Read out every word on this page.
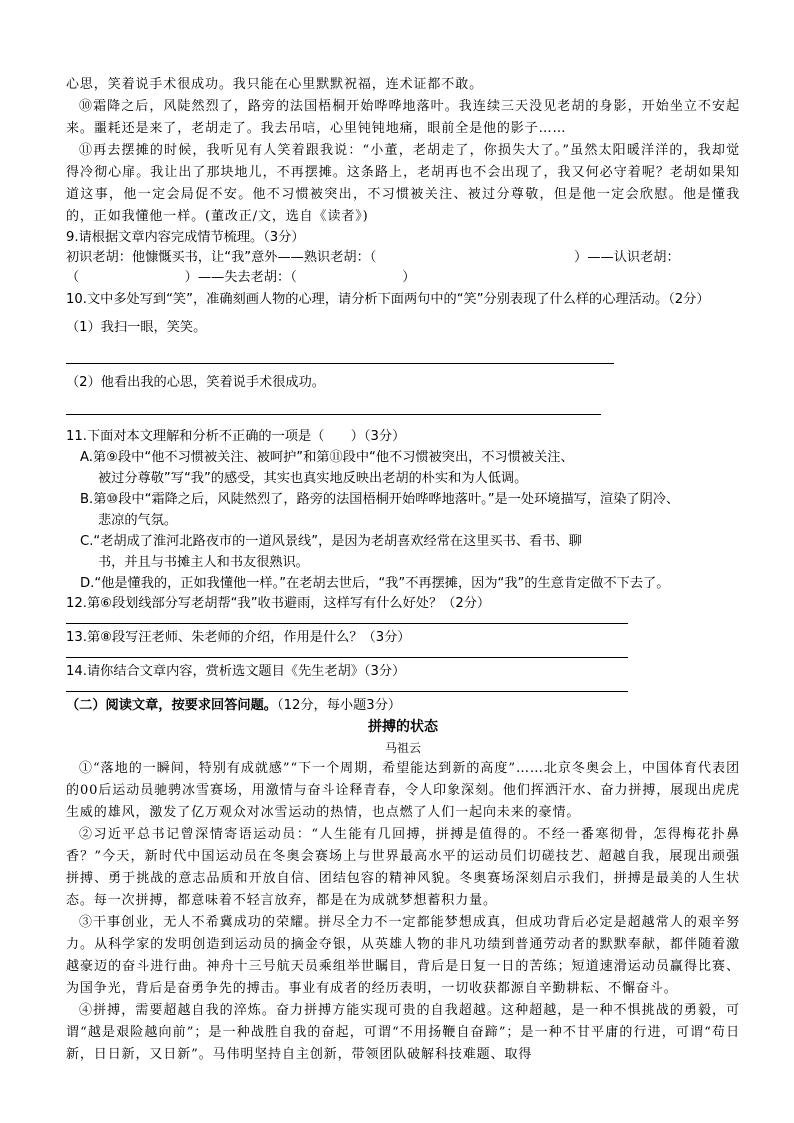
心思，笑着说手术很成功。我只能在心里默默祝福，连术证都不敢。

⑩霜降之后，风陡然烈了，路旁的法国梧桐开始哗哗地落叶。我连续三天没见老胡的身影，开始坐立不安起来。噩耗还是来了，老胡走了。我去吊唁，心里钝钝地痛，眼前全是他的影子……

⑪再去摆摊的时候，我听见有人笑着跟我说：“小董，老胡走了，你损失大了。”虽然太阳暖洋洋的，我却觉得冷彻心扉。我让出了那块地儿，不再摆摊。这条路上，老胡再也不会出现了，我又何必守着呢？老胡如果知道这事，他一定会局促不安。他不习惯被突出，不习惯被关注、被过分尊敬，但是他一定会欣慰。他是懂我的，正如我懂他一样。(董改正/文，选自《读者》)

9.请根据文章内容完成情节梳理。（3分）

初识老胡：他慷慨买书，让“我”意外——熟识老胡：（　　　　　　　　　　　　　　　）——认识老胡：

（　　　　　　　　）——失去老胡：（　　　　　　　　）

10.文中多处写到“笑”，准确刻画人物的心理，请分析下面两句中的“笑”分别表现了什么样的心理活动。（2分）

（1）我扫一眼，笑笑。

（2）他看出我的心思，笑着说手术很成功。

11.下面对本文理解和分析不正确的一项是（　　）（3分）

A.第⑨段中“他不习惯被关注、被呵护”和第⑪段中“他不习惯被突出，不习惯被关注、

被过分尊敬”写“我”的感受，其实也真实地反映出老胡的朴实和为人低调。

B.第⑩段中“霜降之后，风陡然烈了，路旁的法国梧桐开始哗哗地落叶。”是一处环境描写，渲染了阴冷、

悲凉的气氛。

C.“老胡成了淮河北路夜市的一道风景线”，是因为老胡喜欢经常在这里买书、看书、聊

书，并且与书摊主人和书友很熟识。

D.“他是懂我的，正如我懂他一样。”在老胡去世后，“我”不再摆摊，因为“我”的生意肯定做不下去了。

12.第⑥段划线部分写老胡帮“我”收书避雨，这样写有什么好处？（2分）

13.第⑧段写汪老师、朱老师的介绍，作用是什么？（3分）

14.请你结合文章内容，赏析选文题目《先生老胡》（3分）

（二）阅读文章，按要求回答问题。（12分，每小题3分）

拼搏的状态

马祖云

①“落地的一瞬间，特别有成就感”“下一个周期，希望能达到新的高度”……北京冬奥会上，中国体育代表团的00后运动员驰骋冰雪赛场，用激情与奋斗诠释青春，令人印象深刻。他们挥洒汗水、奋力拼搏，展现出虎虎生威的雄风，激发了亿万观众对冰雪运动的热情，也点燃了人们一起向未来的豪情。

②习近平总书记曾深情寄语运动员：“人生能有几回搏，拼搏是值得的。不经一番寒彻骨，怎得梅花扑鼻香？”今天，新时代中国运动员在冬奥会赛场上与世界最高水平的运动员们切磋技艺、超越自我，展现出顽强拼搏、勇于挑战的意志品质和开放自信、团结包容的精神风貌。冬奥赛场深刻启示我们，拼搏是最美的人生状态。每一次拼搏，都意味着不轻言放弃，都是在为成就梦想蓄积力量。

③干事创业，无人不希冀成功的荣耀。拼尽全力不一定都能梦想成真，但成功背后必定是超越常人的艰辛努力。从科学家的发明创造到运动员的摘金夺银，从英雄人物的非凡功绩到普通劳动者的默默奉献，都伴随着激越豪迈的奋斗进行曲。神舟十三号航天员乘组举世瞩目，背后是日复一日的苦练；短道速滑运动员赢得比赛、为国争光，背后是奋勇争先的搏击。事业有成者的经历表明，一切收获都源自辛勤耕耘、不懈奋斗。

④拼搏，需要超越自我的淬炼。奋力拼搏方能实现可贵的自我超越。这种超越，是一种不惧挑战的勇毅，可谓“越是艰险越向前”；是一种战胜自我的奋起，可谓“不用扬鞭自奋蹄”；是一种不甘平庸的行进，可谓“苟日新，日日新，又日新”。马伟明坚持自主创新，带领团队破解科技难题、取得
